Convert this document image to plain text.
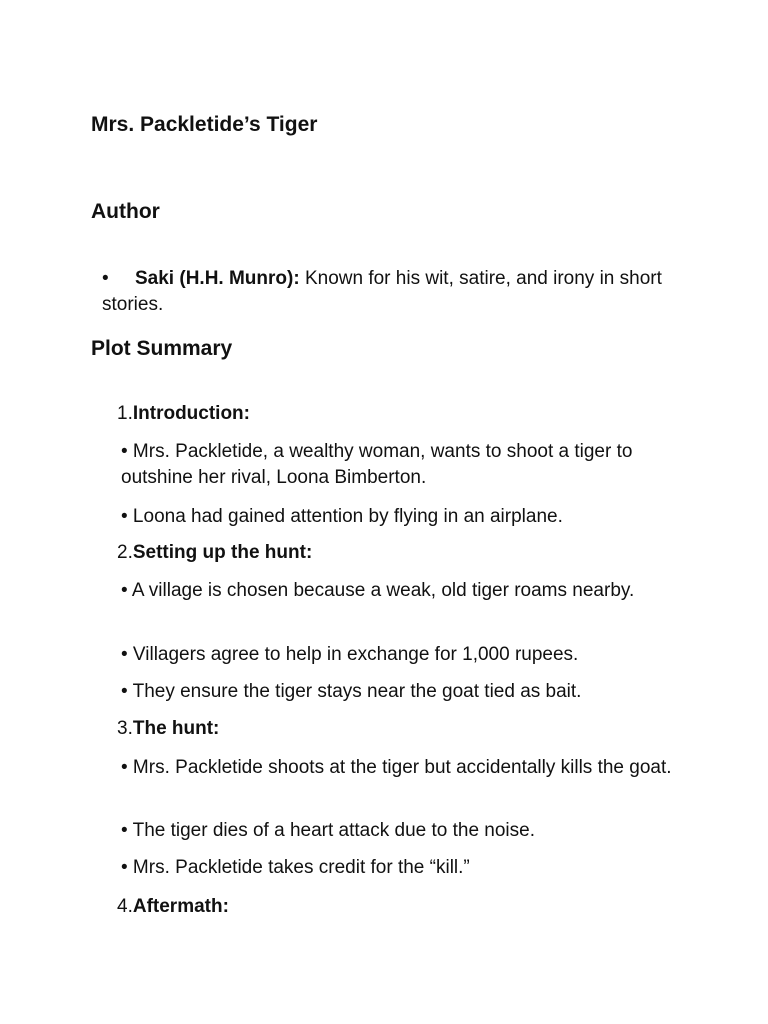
Mrs. Packletide’s Tiger
Author
• Saki (H.H. Munro): Known for his wit, satire, and irony in short stories.
Plot Summary
1.Introduction:
• Mrs. Packletide, a wealthy woman, wants to shoot a tiger to outshine her rival, Loona Bimberton.
• Loona had gained attention by flying in an airplane.
2.Setting up the hunt:
• A village is chosen because a weak, old tiger roams nearby.
• Villagers agree to help in exchange for 1,000 rupees.
• They ensure the tiger stays near the goat tied as bait.
3.The hunt:
• Mrs. Packletide shoots at the tiger but accidentally kills the goat.
• The tiger dies of a heart attack due to the noise.
• Mrs. Packletide takes credit for the “kill.”
4.Aftermath:
